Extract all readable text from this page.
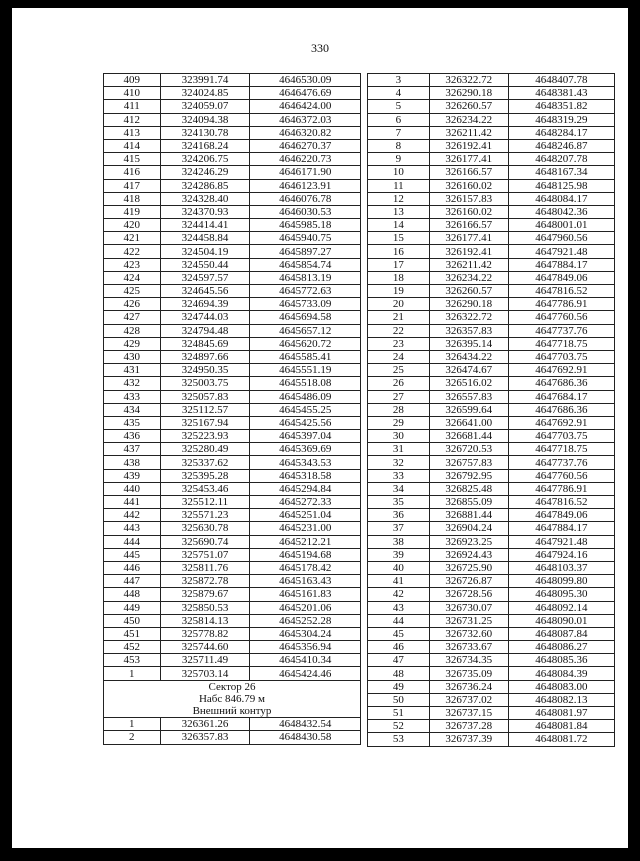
330
409	323991.74	4646530.09
410	324024.85	4646476.69
411	324059.07	4646424.00
412	324094.38	4646372.03
413	324130.78	4646320.82
414	324168.24	4646270.37
415	324206.75	4646220.73
416	324246.29	4646171.90
417	324286.85	4646123.91
418	324328.40	4646076.78
419	324370.93	4646030.53
420	324414.41	4645985.18
421	324458.84	4645940.75
422	324504.19	4645897.27
423	324550.44	4645854.74
424	324597.57	4645813.19
425	324645.56	4645772.63
426	324694.39	4645733.09
427	324744.03	4645694.58
428	324794.48	4645657.12
429	324845.69	4645620.72
430	324897.66	4645585.41
431	324950.35	4645551.19
432	325003.75	4645518.08
433	325057.83	4645486.09
434	325112.57	4645455.25
435	325167.94	4645425.56
436	325223.93	4645397.04
437	325280.49	4645369.69
438	325337.62	4645343.53
439	325395.28	4645318.58
440	325453.46	4645294.84
441	325512.11	4645272.33
442	325571.23	4645251.04
443	325630.78	4645231.00
444	325690.74	4645212.21
445	325751.07	4645194.68
446	325811.76	4645178.42
447	325872.78	4645163.43
448	325879.67	4645161.83
449	325850.53	4645201.06
450	325814.13	4645252.28
451	325778.82	4645304.24
452	325744.60	4645356.94
453	325711.49	4645410.34
1	325703.14	4645424.46
Сектор 26		
Набс 846.79 м		
Внешний контур		
1	326361.26	4648432.54
2	326357.83	4648430.58
3	326322.72	4648407.78
4	326290.18	4648381.43
5	326260.57	4648351.82
6	326234.22	4648319.29
7	326211.42	4648284.17
8	326192.41	4648246.87
9	326177.41	4648207.78
10	326166.57	4648167.34
11	326160.02	4648125.98
12	326157.83	4648084.17
13	326160.02	4648042.36
14	326166.57	4648001.01
15	326177.41	4647960.56
16	326192.41	4647921.48
17	326211.42	4647884.17
18	326234.22	4647849.06
19	326260.57	4647816.52
20	326290.18	4647786.91
21	326322.72	4647760.56
22	326357.83	4647737.76
23	326395.14	4647718.75
24	326434.22	4647703.75
25	326474.67	4647692.91
26	326516.02	4647686.36
27	326557.83	4647684.17
28	326599.64	4647686.36
29	326641.00	4647692.91
30	326681.44	4647703.75
31	326720.53	4647718.75
32	326757.83	4647737.76
33	326792.95	4647760.56
34	326825.48	4647786.91
35	326855.09	4647816.52
36	326881.44	4647849.06
37	326904.24	4647884.17
38	326923.25	4647921.48
39	326924.43	4647924.16
40	326725.90	4648103.37
41	326726.87	4648099.80
42	326728.56	4648095.30
43	326730.07	4648092.14
44	326731.25	4648090.01
45	326732.60	4648087.84
46	326733.67	4648086.27
47	326734.35	4648085.36
48	326735.09	4648084.39
49	326736.24	4648083.00
50	326737.02	4648082.13
51	326737.15	4648081.97
52	326737.28	4648081.84
53	326737.39	4648081.72
